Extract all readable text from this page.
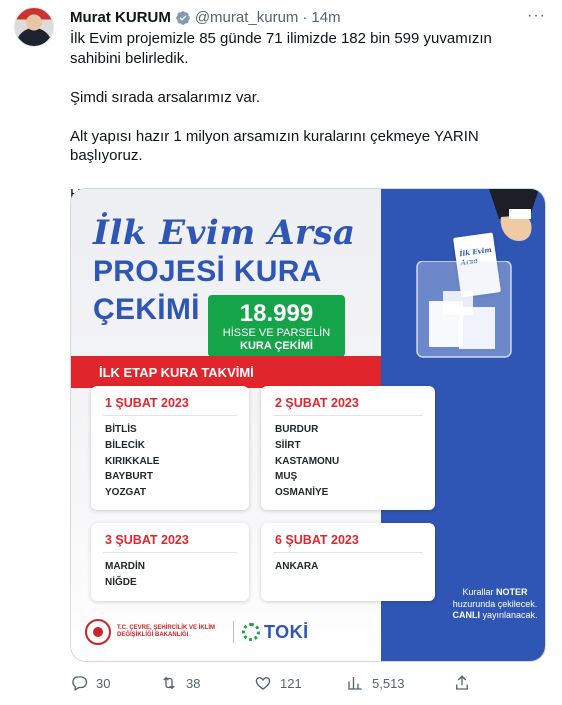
Murat KURUM @murat_kurum · 14m	···

İlk Evim projemizle 85 günde 71 ilimizde 182 bin 599 yuvamızın sahibini belirledik.

Şimdi sırada arsalarımız var.

Alt yapısı hazır 1 milyon arsamızın kuralarını çekmeye YARIN başlıyoruz.

İlk Evim Arsa
PROJESİ KURA
ÇEKİMİ	18.999
HİSSE VE PARSELİN
KURA ÇEKİMİ
İLK ETAP KURA TAKVİMİ
1 ŞUBAT 2023
BİTLİS
BİLECİK
KIRIKKALE
BAYBURT
YOZGAT
2 ŞUBAT 2023
BURDUR
SİİRT
KASTAMONU
MUŞ
OSMANİYE
3 ŞUBAT 2023
MARDİN
NİĞDE
6 ŞUBAT 2023
ANKARA
T.C. ÇEVRE, ŞEHİRCİLİK VE İKLİM DEĞİŞİKLİĞİ BAKANLIĞI	TOKİ
İlk Evim
Arsa
Kurallar NOTER huzurunda çekilecek. CANLI yayınlanacak.
30	38	121	5,513
